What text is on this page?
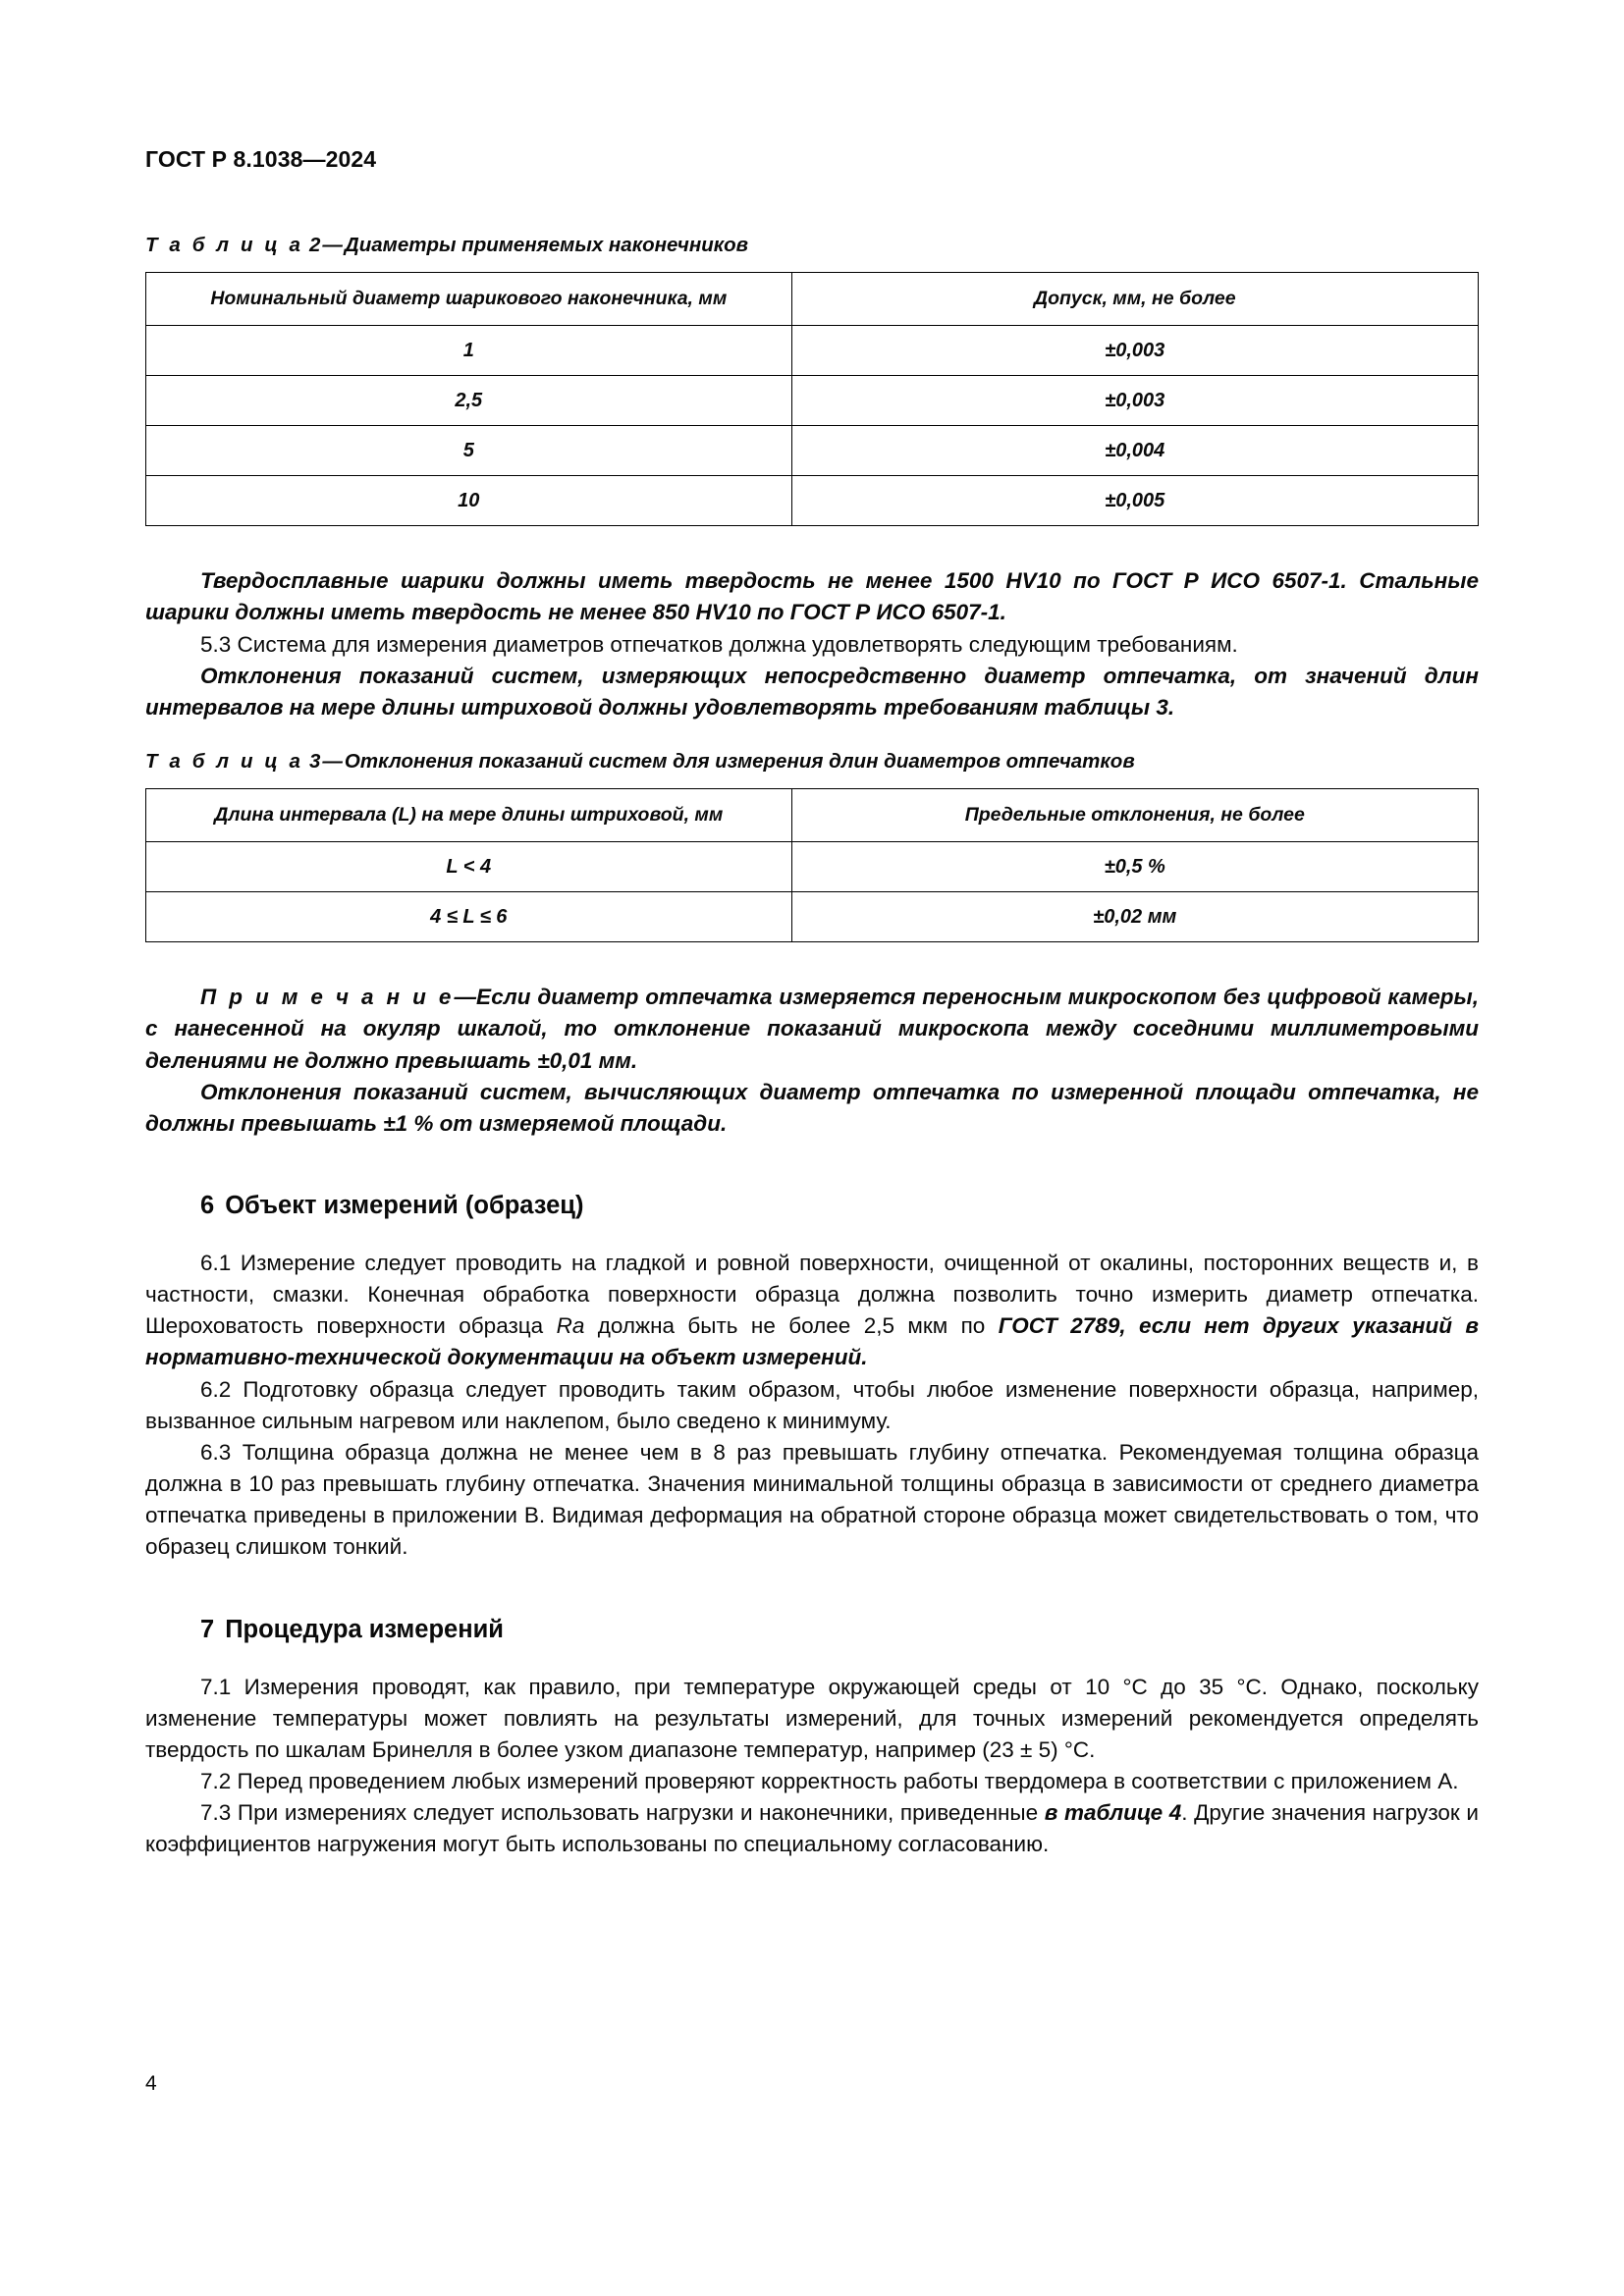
ГОСТ Р 8.1038—2024
Т а б л и ц а 2—Диаметры применяемых наконечников
Номинальный диаметр шарикового наконечника, мм	Допуск, мм, не более
1	±0,003
2,5	±0,003
5	±0,004
10	±0,005

Твердосплавные шарики должны иметь твердость не менее 1500 HV10 по ГОСТ Р ИСО 6507-1. Стальные шарики должны иметь твердость не менее 850 HV10 по ГОСТ Р ИСО 6507-1.

5.3 Система для измерения диаметров отпечатков должна удовлетворять следующим требованиям.

Отклонения показаний систем, измеряющих непосредственно диаметр отпечатка, от значений длин интервалов на мере длины штриховой должны удовлетворять требованиям таблицы 3.

Т а б л и ц а 3—Отклонения показаний систем для измерения длин диаметров отпечатков
Длина интервала (L) на мере длины штриховой, мм	Предельные отклонения, не более
L < 4	±0,5 %
4 ≤ L ≤ 6	±0,02 мм

П р и м е ч а н и е—Если диаметр отпечатка измеряется переносным микроскопом без цифровой камеры, с нанесенной на окуляр шкалой, то отклонение показаний микроскопа между соседними миллиметровыми делениями не должно превышать ±0,01 мм.

Отклонения показаний систем, вычисляющих диаметр отпечатка по измеренной площади отпечатка, не должны превышать ±1 % от измеряемой площади.

6 Объект измерений (образец)

6.1 Измерение следует проводить на гладкой и ровной поверхности, очищенной от окалины, посторонних веществ и, в частности, смазки. Конечная обработка поверхности образца должна позволить точно измерить диаметр отпечатка. Шероховатость поверхности образца Ra должна быть не более 2,5 мкм по ГОСТ 2789, если нет других указаний в нормативно-технической документации на объект измерений.

6.2 Подготовку образца следует проводить таким образом, чтобы любое изменение поверхности образца, например, вызванное сильным нагревом или наклепом, было сведено к минимуму.

6.3 Толщина образца должна не менее чем в 8 раз превышать глубину отпечатка. Рекомендуемая толщина образца должна в 10 раз превышать глубину отпечатка. Значения минимальной толщины образца в зависимости от среднего диаметра отпечатка приведены в приложении В. Видимая деформация на обратной стороне образца может свидетельствовать о том, что образец слишком тонкий.

7 Процедура измерений

7.1 Измерения проводят, как правило, при температуре окружающей среды от 10 °C до 35 °C. Однако, поскольку изменение температуры может повлиять на результаты измерений, для точных измерений рекомендуется определять твердость по шкалам Бринелля в более узком диапазоне температур, например (23 ± 5) °C.

7.2 Перед проведением любых измерений проверяют корректность работы твердомера в соответствии с приложением А.

7.3 При измерениях следует использовать нагрузки и наконечники, приведенные в таблице 4. Другие значения нагрузок и коэффициентов нагружения могут быть использованы по специальному согласованию.

4
